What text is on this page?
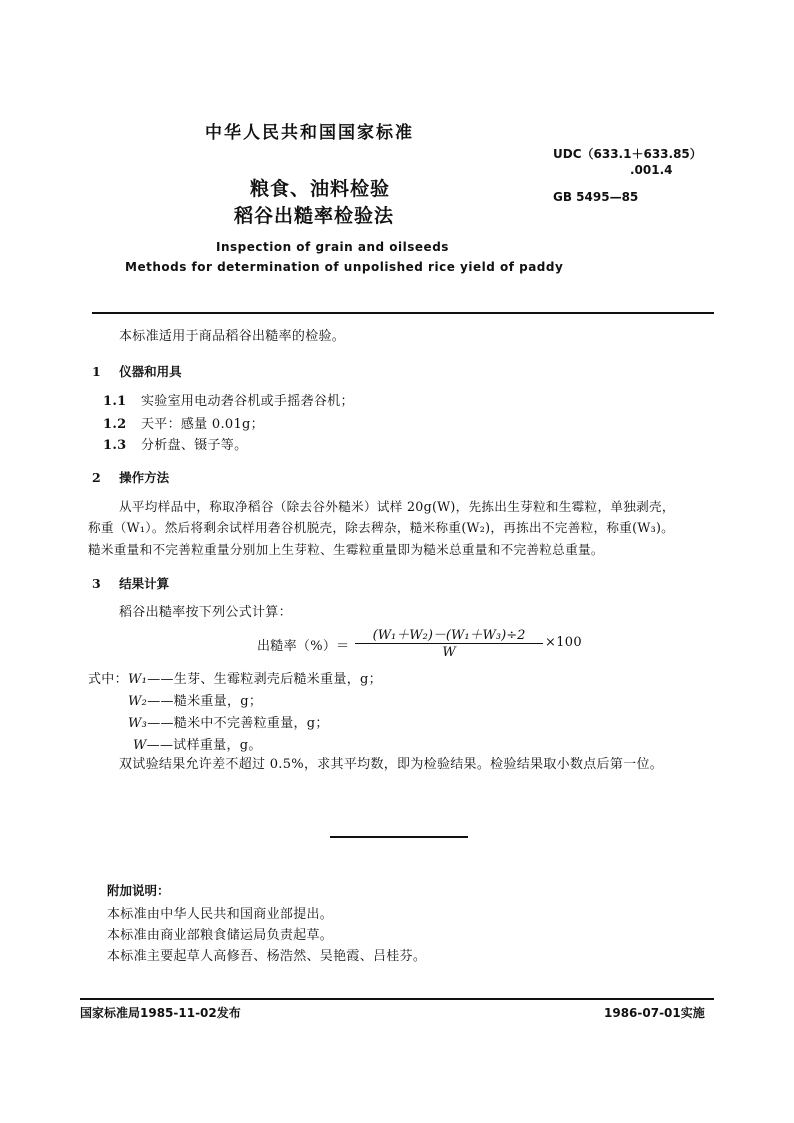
中华人民共和国国家标准
粮食、油料检验
稻谷出糙率检验法
UDC（633.1＋633.85）
.001.4
GB 5495—85
Inspection of grain and oilseeds
Methods for determination of unpolished rice yield of paddy
本标准适用于商品稻谷出糙率的检验。
1 仪器和用具
1.1 实验室用电动砻谷机或手摇砻谷机；
1.2 天平：感量 0.01g；
1.3 分析盘、镊子等。
2 操作方法
从平均样品中，称取净稻谷（除去谷外糙米）试样 20g(W)，先拣出生芽粒和生霉粒，单独剥壳，
称重（W₁）。然后将剩余试样用砻谷机脱壳，除去稗杂，糙米称重(W₂)，再拣出不完善粒，称重(W₃)。
糙米重量和不完善粒重量分别加上生芽粒、生霉粒重量即为糙米总重量和不完善粒总重量。
3 结果计算
稻谷出糙率按下列公式计算：
出糙率（%）＝
(W₁＋W₂)－(W₁＋W₃)÷2
W
×100
式中： W₁——生芽、生霉粒剥壳后糙米重量，g；
W₂——糙米重量，g；
W₃——糙米中不完善粒重量，g；
W——试样重量，g。
双试验结果允许差不超过 0.5%，求其平均数，即为检验结果。检验结果取小数点后第一位。
附加说明：
本标准由中华人民共和国商业部提出。
本标准由商业部粮食储运局负责起草。
本标准主要起草人高修吾、杨浩然、吴艳霞、吕桂芬。
国家标准局1985-11-02发布	1986-07-01实施
